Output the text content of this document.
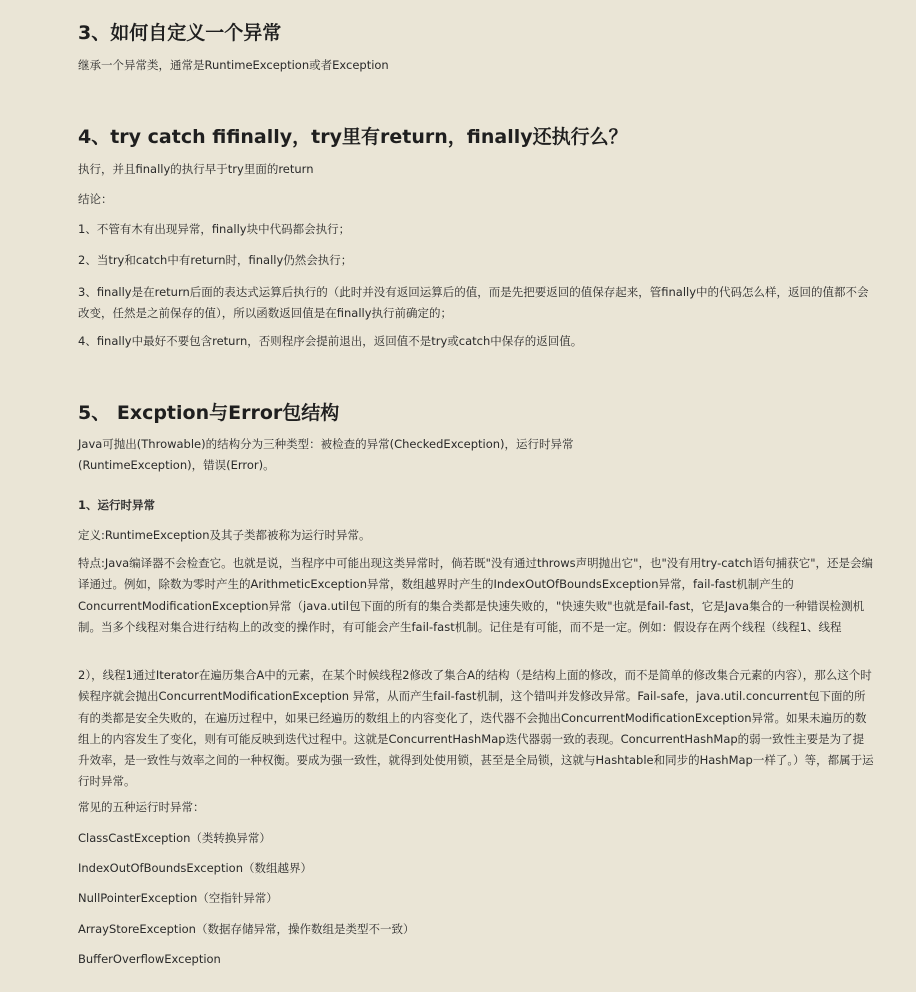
3、如何自定义一个异常

继承一个异常类，通常是RuntimeException或者Exception

4、try catch fifinally，try里有return，finally还执行么？

执行，并且finally的执行早于try里面的return

结论：

1、不管有木有出现异常，finally块中代码都会执行；

2、当try和catch中有return时，finally仍然会执行；

3、finally是在return后面的表达式运算后执行的（此时并没有返回运算后的值，而是先把要返回的值保存起来，管finally中的代码怎么样，返回的值都不会改变，任然是之前保存的值），所以函数返回值是在finally执行前确定的；

4、finally中最好不要包含return，否则程序会提前退出，返回值不是try或catch中保存的返回值。

5、 Excption与Error包结构

Java可抛出(Throwable)的结构分为三种类型：被检查的异常(CheckedException)，运行时异常(RuntimeException)，错误(Error)。

1、运行时异常

定义:RuntimeException及其子类都被称为运行时异常。

特点:Java编译器不会检查它。也就是说，当程序中可能出现这类异常时，倘若既"没有通过throws声明抛出它"，也"没有用try-catch语句捕获它"，还是会编译通过。例如，除数为零时产生的ArithmeticException异常，数组越界时产生的IndexOutOfBoundsException异常，fail-fast机制产生的ConcurrentModificationException异常（java.util包下面的所有的集合类都是快速失败的，"快速失败"也就是fail-fast，它是Java集合的一种错误检测机制。当多个线程对集合进行结构上的改变的操作时，有可能会产生fail-fast机制。记住是有可能，而不是一定。例如：假设存在两个线程（线程1、线程

2），线程1通过Iterator在遍历集合A中的元素，在某个时候线程2修改了集合A的结构（是结构上面的修改，而不是简单的修改集合元素的内容），那么这个时候程序就会抛出ConcurrentModificationException 异常，从而产生fail-fast机制，这个错叫并发修改异常。Fail-safe，java.util.concurrent包下面的所有的类都是安全失败的，在遍历过程中，如果已经遍历的数组上的内容变化了，迭代器不会抛出ConcurrentModificationException异常。如果未遍历的数组上的内容发生了变化，则有可能反映到迭代过程中。这就是ConcurrentHashMap迭代器弱一致的表现。ConcurrentHashMap的弱一致性主要是为了提升效率，是一致性与效率之间的一种权衡。要成为强一致性，就得到处使用锁，甚至是全局锁，这就与Hashtable和同步的HashMap一样了。）等，都属于运行时异常。

常见的五种运行时异常：

ClassCastException（类转换异常）

IndexOutOfBoundsException（数组越界）

NullPointerException（空指针异常）

ArrayStoreException（数据存储异常，操作数组是类型不一致）

BufferOverflowException
